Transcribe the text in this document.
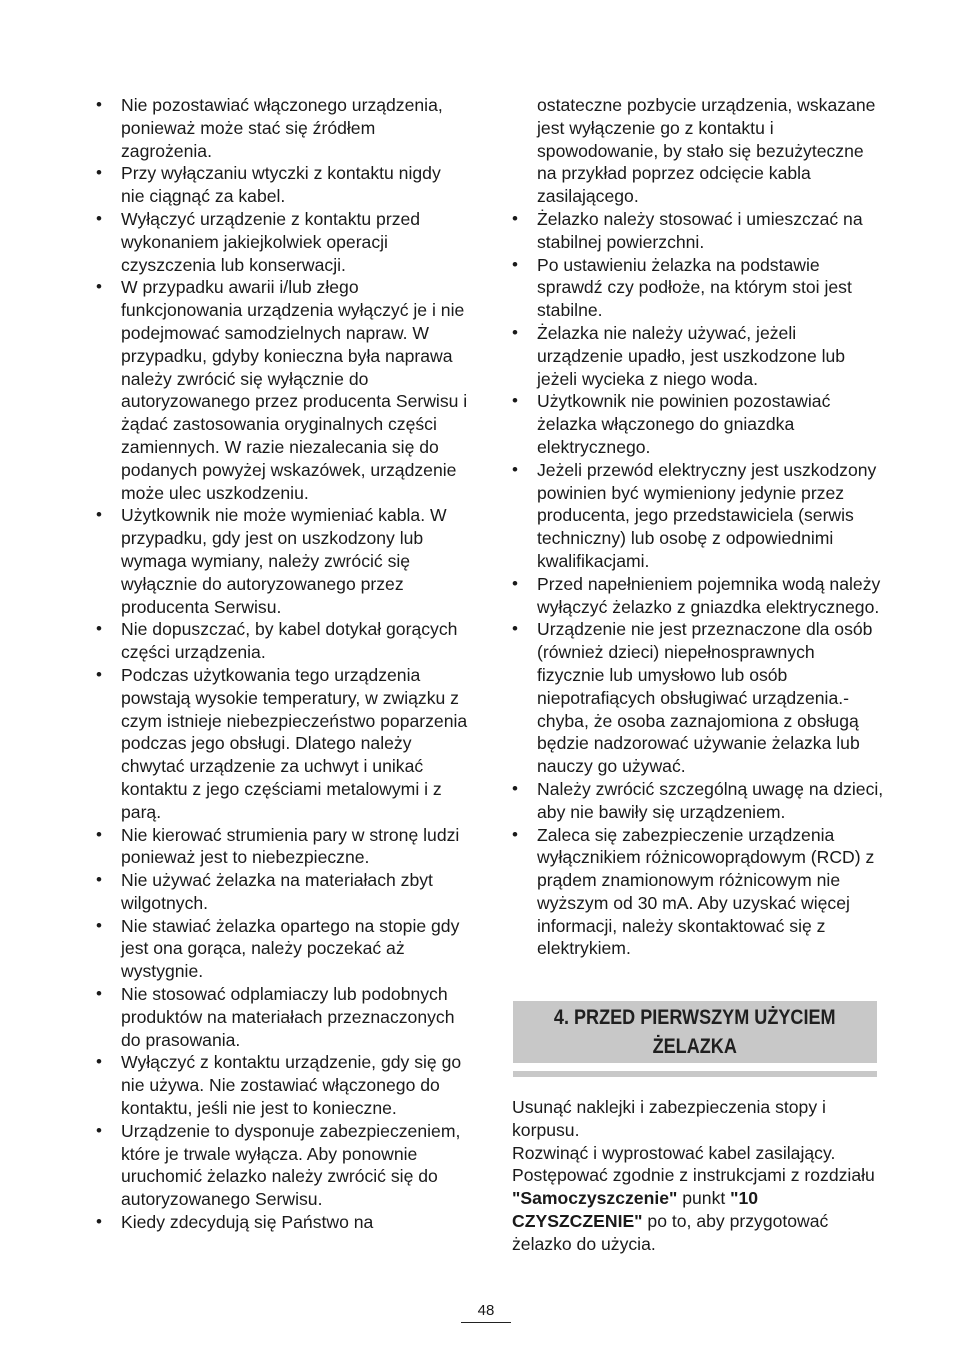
• Nie pozostawiać włączonego urządzenia, ponieważ może stać się źródłem zagrożenia.
• Przy wyłączaniu wtyczki z kontaktu nigdy nie ciągnąć za kabel.
• Wyłączyć urządzenie z kontaktu przed wykonaniem jakiejkolwiek operacji czyszczenia lub konserwacji.
• W przypadku awarii i/lub złego funkcjonowania urządzenia wyłączyć je i nie podejmować samodzielnych napraw. W przypadku, gdyby konieczna była naprawa należy zwrócić się wyłącznie do autoryzowanego przez producenta Serwisu i żądać zastosowania oryginalnych części zamiennych. W razie niezalecania się do podanych powyżej wskazówek, urządzenie może ulec uszkodzeniu.
• Użytkownik nie może wymieniać kabla. W przypadku, gdy jest on uszkodzony lub wymaga wymiany, należy zwrócić się wyłącznie do autoryzowanego przez producenta Serwisu.
• Nie dopuszczać, by kabel dotykał gorących części urządzenia.
• Podczas użytkowania tego urządzenia powstają wysokie temperatury, w związku z czym istnieje niebezpieczeństwo poparzenia podczas jego obsługi. Dlatego należy chwytać urządzenie za uchwyt i unikać kontaktu z jego częściami metalowymi i z parą.
• Nie kierować strumienia pary w stronę ludzi ponieważ jest to niebezpieczne.
• Nie używać żelazka na materiałach zbyt wilgotnych.
• Nie stawiać żelazka opartego na stopie gdy jest ona gorąca, należy poczekać aż wystygnie.
• Nie stosować odplamiaczy lub podobnych produktów na materiałach przeznaczonych do prasowania.
• Wyłączyć z kontaktu urządzenie, gdy się go nie używa. Nie zostawiać włączonego do kontaktu, jeśli nie jest to konieczne.
• Urządzenie to dysponuje zabezpieczeniem, które je trwale wyłącza. Aby ponownie uruchomić żelazko należy zwrócić się do autoryzowanego Serwisu.
• Kiedy zdecydują się Państwo na
ostateczne pozbycie urządzenia, wskazane jest wyłączenie go z kontaktu i spowodowanie, by stało się bezużyteczne na przykład poprzez odcięcie kabla zasilającego.
• Żelazko należy stosować i umieszczać na stabilnej powierzchni.
• Po ustawieniu żelazka na podstawie sprawdź czy podłoże, na którym stoi jest stabilne.
• Żelazka nie należy używać, jeżeli urządzenie upadło, jest uszkodzone lub jeżeli wycieka z niego woda.
• Użytkownik nie powinien pozostawiać żelazka włączonego do gniazdka elektrycznego.
• Jeżeli przewód elektryczny jest uszkodzony powinien być wymieniony jedynie przez producenta, jego przedstawiciela (serwis techniczny) lub osobę z odpowiednimi kwalifikacjami.
• Przed napełnieniem pojemnika wodą należy wyłączyć żelazko z gniazdka elektrycznego.
• Urządzenie nie jest przeznaczone dla osób (również dzieci) niepełnosprawnych fizycznie lub umysłowo lub osób niepotrafiących obsługiwać urządzenia.- chyba, że osoba zaznajomiona z obsługą będzie nadzorować używanie żelazka lub nauczy go używać.
• Należy zwrócić szczególną uwagę na dzieci, aby nie bawiły się urządzeniem.
• Zaleca się zabezpieczenie urządzenia wyłącznikiem różnicowoprądowym (RCD) z prądem znamionowym różnicowym nie wyższym od 30 mA. Aby uzyskać więcej informacji, należy skontaktować się z elektrykiem.
4. PRZED PIERWSZYM UŻYCIEM
ŻELAZKA

Usunąć naklejki i zabezpieczenia stopy i korpusu.

Rozwinąć i wyprostować kabel zasilający. Postępować zgodnie z instrukcjami z rozdziału "Samoczyszczenie" punkt "10 CZYSZCZENIE" po to, aby przygotować żelazko do użycia.

48
